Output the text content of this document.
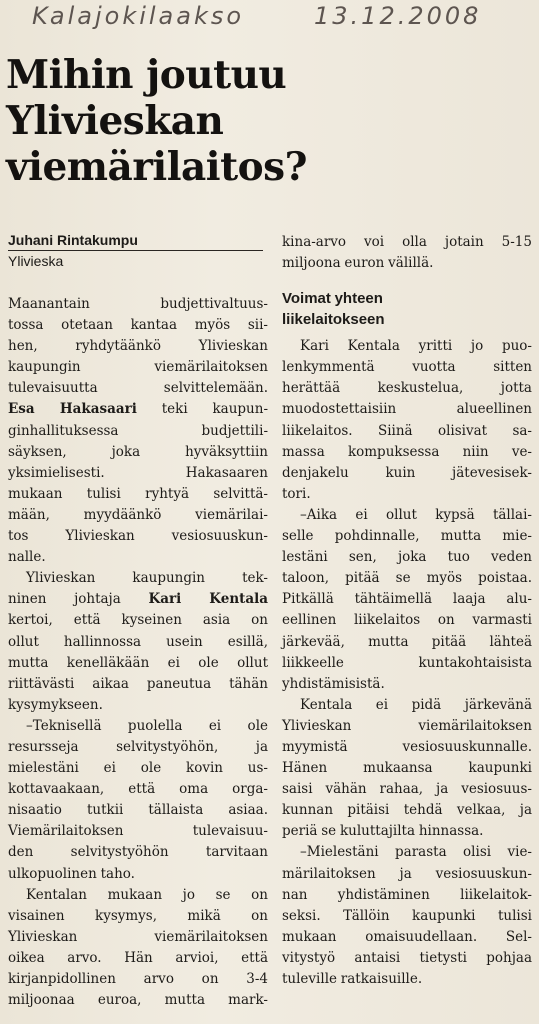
Kalajokilaakso	13.12.2008
Mihin joutuu
Ylivieskan
viemärilaitos?
Juhani Rintakumpu
Ylivieska
Maanantain budjettivaltuus-
tossa otetaan kantaa myös sii-
hen, ryhdytäänkö Ylivieskan
kaupungin viemärilaitoksen
tulevaisuutta selvittelemään.
Esa Hakasaari teki kaupun-
ginhallituksessa budjettili-
säyksen, joka hyväksyttiin
yksimielisesti. Hakasaaren
mukaan tulisi ryhtyä selvittä-
mään, myydäänkö viemärilai-
tos Ylivieskan vesiosuuskun-
nalle.
Ylivieskan kaupungin tek-
ninen johtaja Kari Kentala
kertoi, että kyseinen asia on
ollut hallinnossa usein esillä,
mutta kenelläkään ei ole ollut
riittävästi aikaa paneutua tähän
kysymykseen.
–Teknisellä puolella ei ole
resursseja selvitystyöhön, ja
mielestäni ei ole kovin us-
kottavaakaan, että oma orga-
nisaatio tutkii tällaista asiaa.
Viemärilaitoksen tulevaisuu-
den selvitystyöhön tarvitaan
ulkopuolinen taho.
Kentalan mukaan jo se on
visainen kysymys, mikä on
Ylivieskan viemärilaitoksen
oikea arvo. Hän arvioi, että
kirjanpidollinen arvo on 3-4
miljoonaa euroa, mutta mark-
kina-arvo voi olla jotain 5-15
miljoona euron välillä.
Voimat yhteen
liikelaitokseen
Kari Kentala yritti jo puo-
lenkymmentä vuotta sitten
herättää keskustelua, jotta
muodostettaisiin alueellinen
liikelaitos. Siinä olisivat sa-
massa kompuksessa niin ve-
denjakelu kuin jätevesisek-
tori.
–Aika ei ollut kypsä tällai-
selle pohdinnalle, mutta mie-
lestäni sen, joka tuo veden
taloon, pitää se myös poistaa.
Pitkällä tähtäimellä laaja alu-
eellinen liikelaitos on varmasti
järkevää, mutta pitää lähteä
liikkeelle kuntakohtaisista
yhdistämisistä.
Kentala ei pidä järkevänä
Ylivieskan viemärilaitoksen
myymistä vesiosuuskunnalle.
Hänen mukaansa kaupunki
saisi vähän rahaa, ja vesiosuus-
kunnan pitäisi tehdä velkaa, ja
periä se kuluttajilta hinnassa.
–Mielestäni parasta olisi vie-
märilaitoksen ja vesiosuuskun-
nan yhdistäminen liikelaitok-
seksi. Tällöin kaupunki tulisi
mukaan omaisuudellaan. Sel-
vitystyö antaisi tietysti pohjaa
tuleville ratkaisuille.
